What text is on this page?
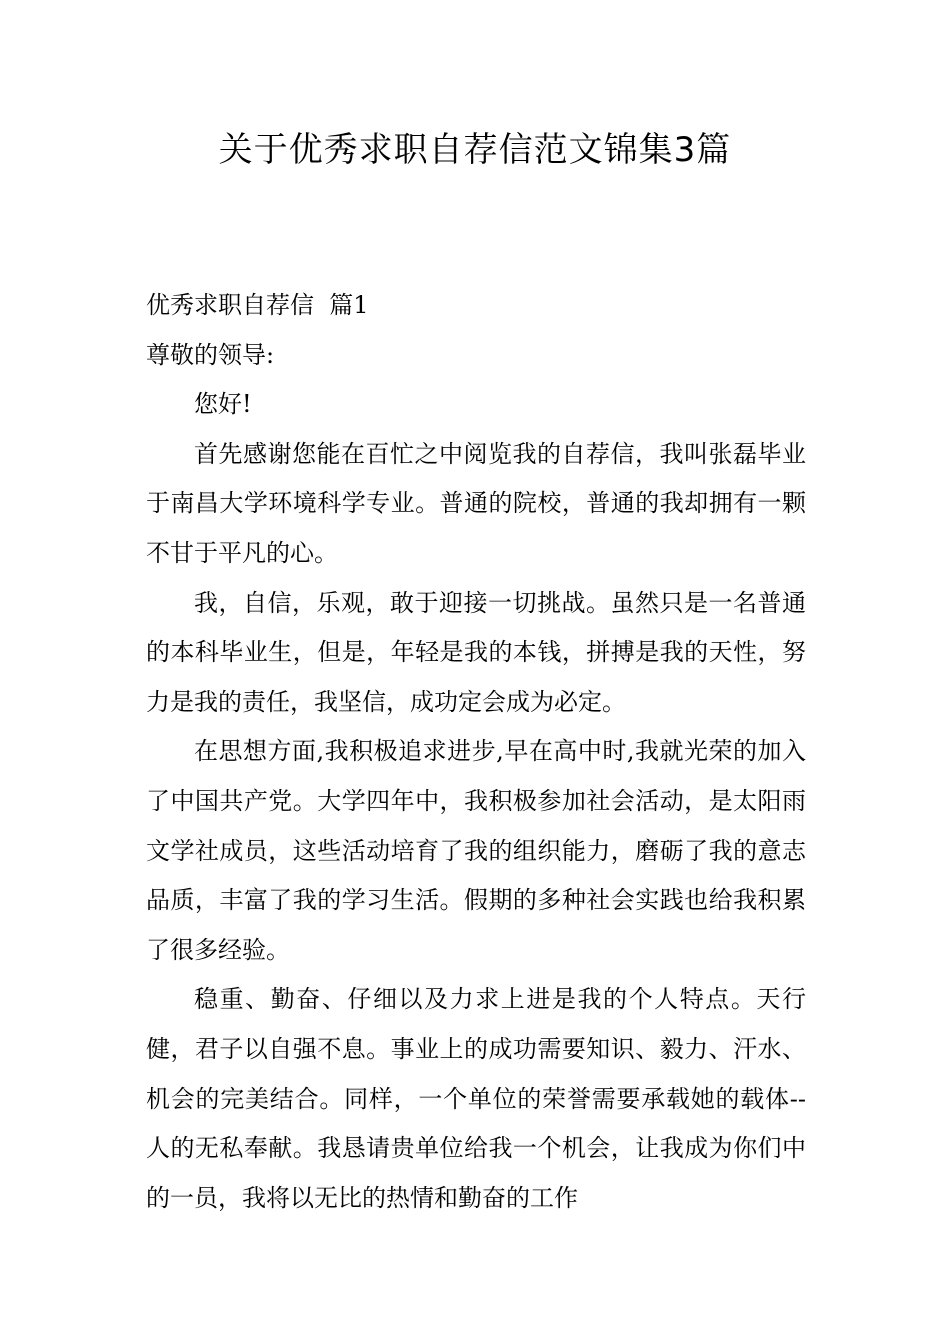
关于优秀求职自荐信范文锦集3篇

优秀求职自荐信  篇1

尊敬的领导:

您好!

首先感谢您能在百忙之中阅览我的自荐信，我叫张磊毕业于南昌大学环境科学专业。普通的院校，普通的我却拥有一颗不甘于平凡的心。

我，自信，乐观，敢于迎接一切挑战。虽然只是一名普通的本科毕业生，但是，年轻是我的本钱，拼搏是我的天性，努力是我的责任，我坚信，成功定会成为必定。

在思想方面,我积极追求进步,早在高中时,我就光荣的加入了中国共产党。大学四年中，我积极参加社会活动，是太阳雨文学社成员，这些活动培育了我的组织能力，磨砺了我的意志品质，丰富了我的学习生活。假期的多种社会实践也给我积累了很多经验。

稳重、勤奋、仔细以及力求上进是我的个人特点。天行健，君子以自强不息。事业上的成功需要知识、毅力、汗水、机会的完美结合。同样，一个单位的荣誉需要承载她的载体--人的无私奉献。我恳请贵单位给我一个机会，让我成为你们中的一员，我将以无比的热情和勤奋的工作
